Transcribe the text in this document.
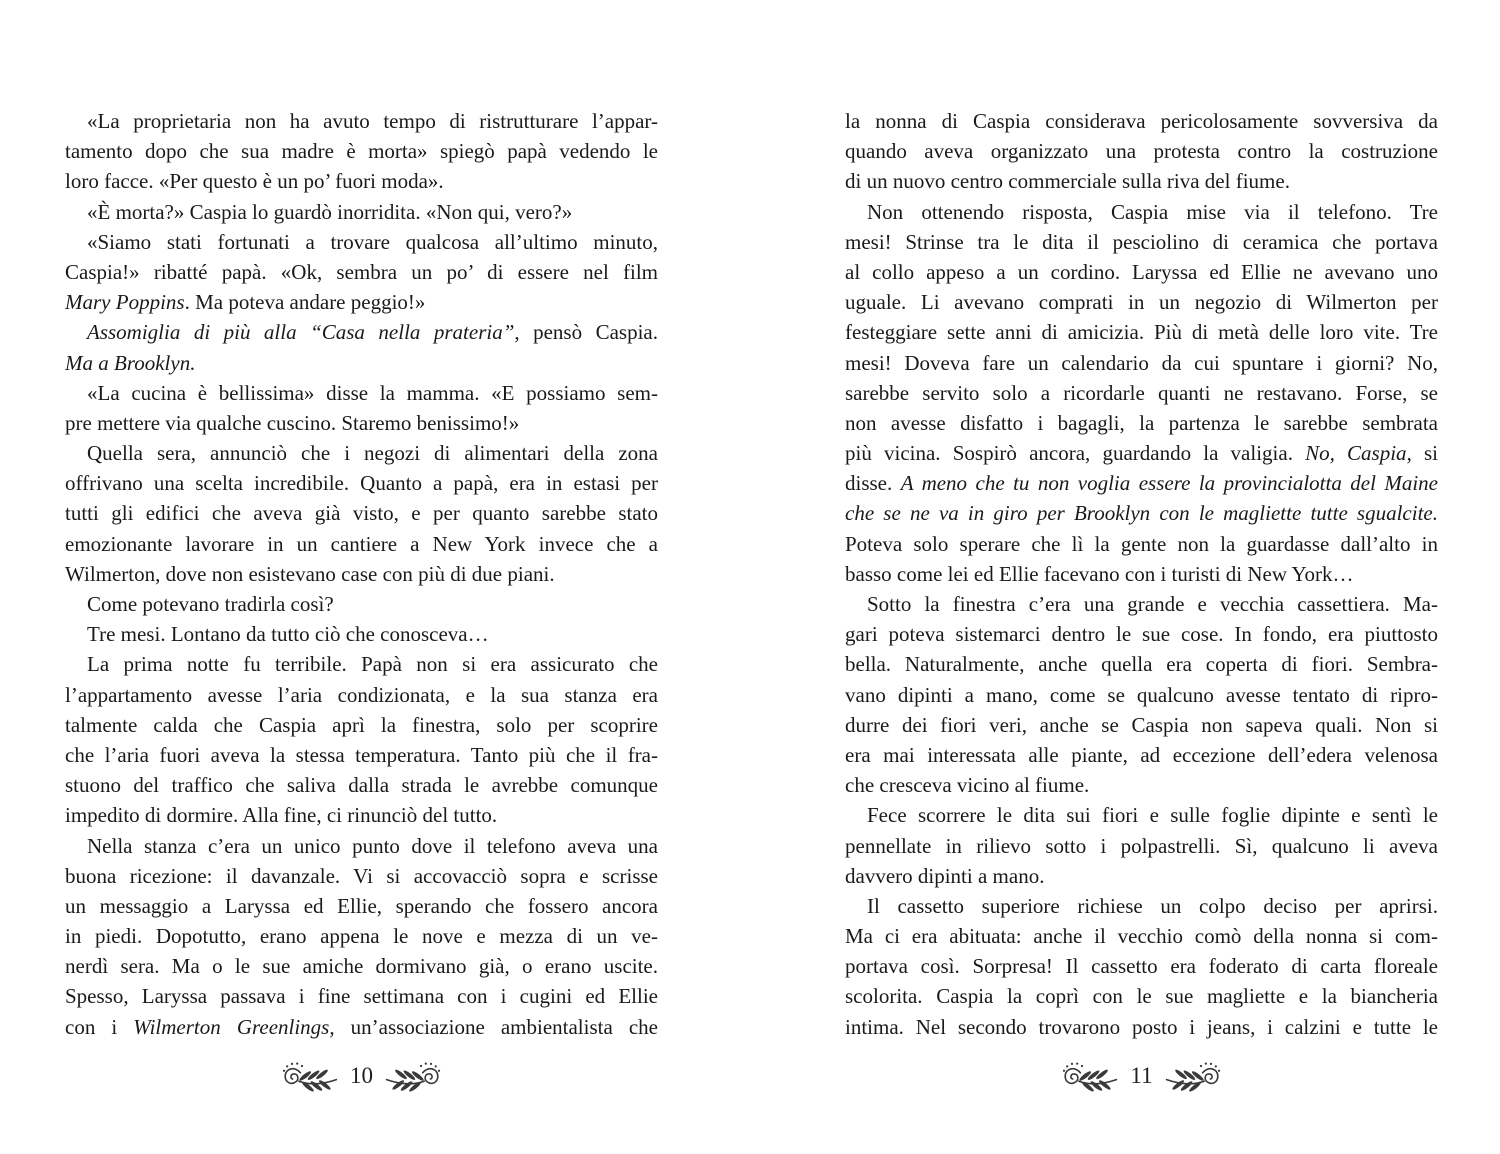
«La proprietaria non ha avuto tempo di ristrutturare l’appar-
tamento dopo che sua madre è morta» spiegò papà vedendo le
loro facce. «Per questo è un po’ fuori moda».
«È morta?» Caspia lo guardò inorridita. «Non qui, vero?»
«Siamo stati fortunati a trovare qualcosa all’ultimo minuto,
Caspia!» ribatté papà. «Ok, sembra un po’ di essere nel film
Mary Poppins. Ma poteva andare peggio!»
Assomiglia di più alla “Casa nella prateria”, pensò Caspia.
Ma a Brooklyn.
«La cucina è bellissima» disse la mamma. «E possiamo sem-
pre mettere via qualche cuscino. Staremo benissimo!»
Quella sera, annunciò che i negozi di alimentari della zona
offrivano una scelta incredibile. Quanto a papà, era in estasi per
tutti gli edifici che aveva già visto, e per quanto sarebbe stato
emozionante lavorare in un cantiere a New York invece che a
Wilmerton, dove non esistevano case con più di due piani.
Come potevano tradirla così?
Tre mesi. Lontano da tutto ciò che conosceva…
La prima notte fu terribile. Papà non si era assicurato che
l’appartamento avesse l’aria condizionata, e la sua stanza era
talmente calda che Caspia aprì la finestra, solo per scoprire
che l’aria fuori aveva la stessa temperatura. Tanto più che il fra-
stuono del traffico che saliva dalla strada le avrebbe comunque
impedito di dormire. Alla fine, ci rinunciò del tutto.
Nella stanza c’era un unico punto dove il telefono aveva una
buona ricezione: il davanzale. Vi si accovacciò sopra e scrisse
un messaggio a Laryssa ed Ellie, sperando che fossero ancora
in piedi. Dopotutto, erano appena le nove e mezza di un ve-
nerdì sera. Ma o le sue amiche dormivano già, o erano uscite.
Spesso, Laryssa passava i fine settimana con i cugini ed Ellie
con i Wilmerton Greenlings, un’associazione ambientalista che
10
la nonna di Caspia considerava pericolosamente sovversiva da
quando aveva organizzato una protesta contro la costruzione
di un nuovo centro commerciale sulla riva del fiume.
Non ottenendo risposta, Caspia mise via il telefono. Tre
mesi! Strinse tra le dita il pesciolino di ceramica che portava
al collo appeso a un cordino. Laryssa ed Ellie ne avevano uno
uguale. Li avevano comprati in un negozio di Wilmerton per
festeggiare sette anni di amicizia. Più di metà delle loro vite. Tre
mesi! Doveva fare un calendario da cui spuntare i giorni? No,
sarebbe servito solo a ricordarle quanti ne restavano. Forse, se
non avesse disfatto i bagagli, la partenza le sarebbe sembrata
più vicina. Sospirò ancora, guardando la valigia. No, Caspia, si
disse. A meno che tu non voglia essere la provincialotta del Maine
che se ne va in giro per Brooklyn con le magliette tutte sgualcite.
Poteva solo sperare che lì la gente non la guardasse dall’alto in
basso come lei ed Ellie facevano con i turisti di New York…
Sotto la finestra c’era una grande e vecchia cassettiera. Ma-
gari poteva sistemarci dentro le sue cose. In fondo, era piuttosto
bella. Naturalmente, anche quella era coperta di fiori. Sembra-
vano dipinti a mano, come se qualcuno avesse tentato di ripro-
durre dei fiori veri, anche se Caspia non sapeva quali. Non si
era mai interessata alle piante, ad eccezione dell’edera velenosa
che cresceva vicino al fiume.
Fece scorrere le dita sui fiori e sulle foglie dipinte e sentì le
pennellate in rilievo sotto i polpastrelli. Sì, qualcuno li aveva
davvero dipinti a mano.
Il cassetto superiore richiese un colpo deciso per aprirsi.
Ma ci era abituata: anche il vecchio comò della nonna si com-
portava così. Sorpresa! Il cassetto era foderato di carta floreale
scolorita. Caspia la coprì con le sue magliette e la biancheria
intima. Nel secondo trovarono posto i jeans, i calzini e tutte le
11
